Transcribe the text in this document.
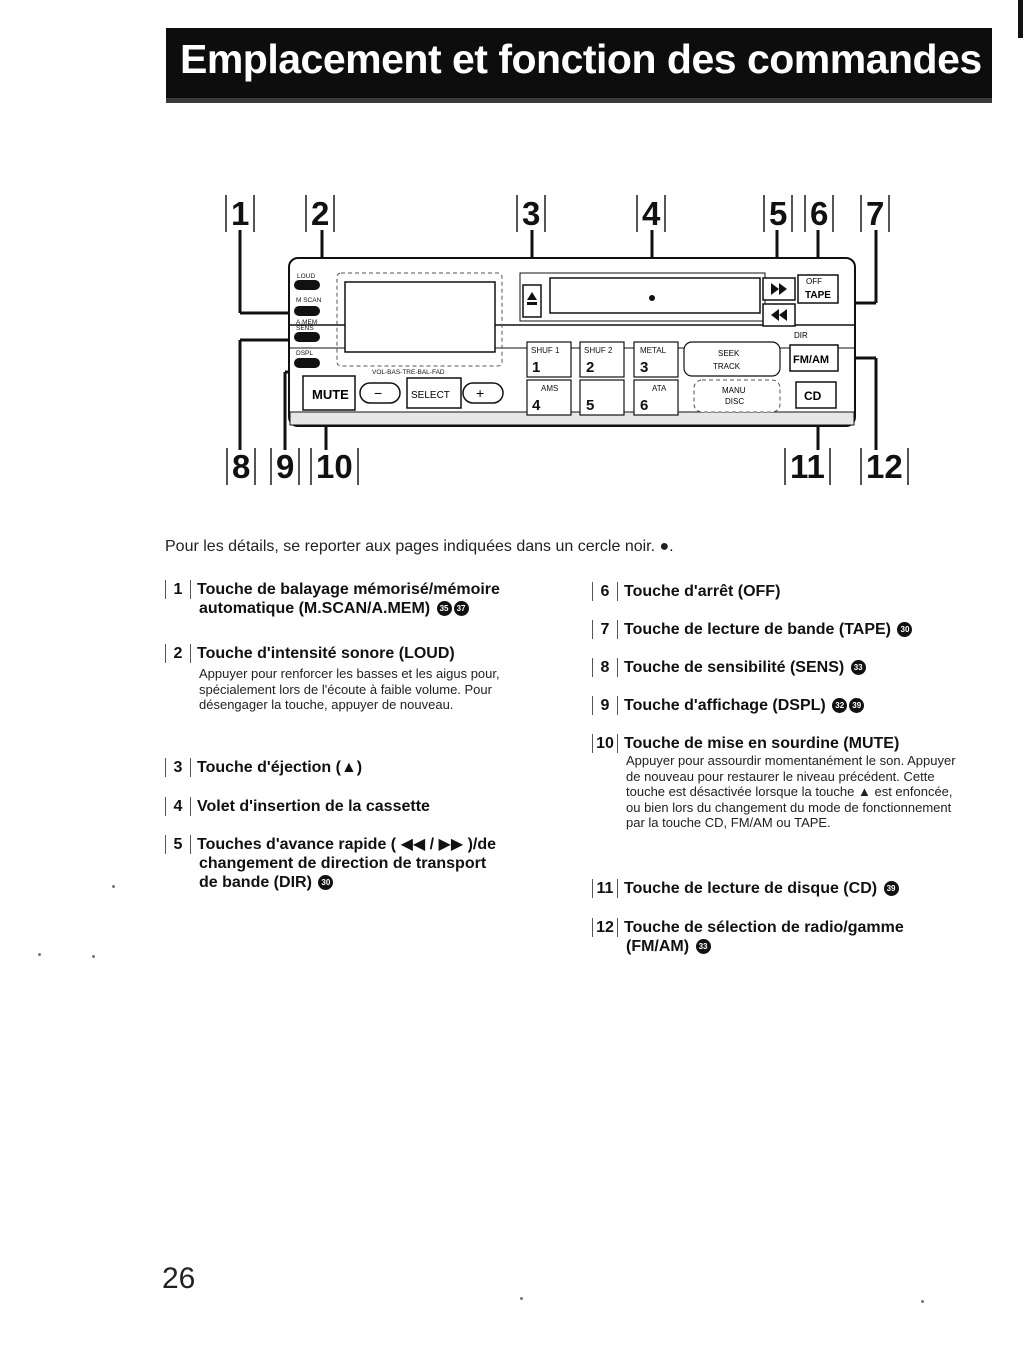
Emplacement et fonction des commandes
1 2	3	4	5 6 7
8 9 10	11 12
LOUD
M SCAN
A.MEM
SENS
DSPL
VOL-BAS-TRE-BAL-FAD
MUTE −	SELECT +
SHUF 1	SHUF 2	METAL
AMS	ATA
1	2	3
4	5	6
SEEK
TRACK
MANU
DISC
OFF
TAPE
DIR
FM/AM
CD
Pour les détails, se reporter aux pages indiquées dans un cercle noir. ●.
1 Touche de balayage mémorisé/mémoire
automatique (M.SCAN/A.MEM) 35 37
2 Touche d'intensité sonore (LOUD)
Appuyer pour renforcer les basses et les aigus pour, spécialement lors de l'écoute à faible volume. Pour désengager la touche, appuyer de nouveau.
3 Touche d'éjection (▲)
4 Volet d'insertion de la cassette
5 Touches d'avance rapide ( ◀◀ / ▶▶ )/de
changement de direction de transport
de bande (DIR) 30
6 Touche d'arrêt (OFF)
7 Touche de lecture de bande (TAPE) 30
8 Touche de sensibilité (SENS) 33
9 Touche d'affichage (DSPL) 32 39
10 Touche de mise en sourdine (MUTE)
Appuyer pour assourdir momentanément le son. Appuyer de nouveau pour restaurer le niveau précédent. Cette touche est désactivée lorsque la touche ▲ est enfoncée, ou bien lors du changement du mode de fonctionnement par la touche CD, FM/AM ou TAPE.
11 Touche de lecture de disque (CD) 39
12 Touche de sélection de radio/gamme
(FM/AM) 33
26
